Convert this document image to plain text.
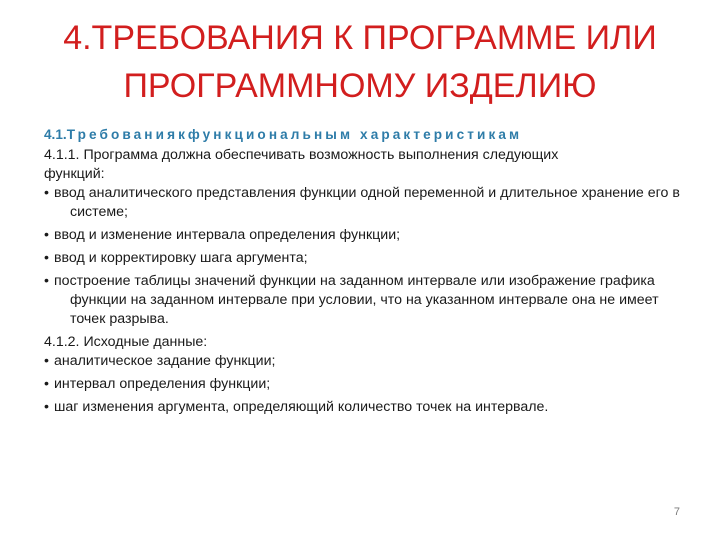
4.ТРЕБОВАНИЯ К ПРОГРАММЕ ИЛИ
ПРОГРАММНОМУ ИЗДЕЛИЮ

4.1.Требованиякфункциональным характеристикам

4.1.1. Программа должна обеспечивать возможность выполнения следующих
функций:

• ввод аналитического представления функции одной переменной и длительное хранение его в системе;

• ввод и изменение интервала определения функции;

• ввод и корректировку шага аргумента;

• построение таблицы значений функции на заданном интервале или изображение графика функции на заданном интервале при условии, что на указанном интервале она не имеет точек разрыва.

4.1.2. Исходные данные:

• аналитическое задание функции;

• интервал определения функции;

• шаг изменения аргумента, определяющий количество точек на интервале.

7
